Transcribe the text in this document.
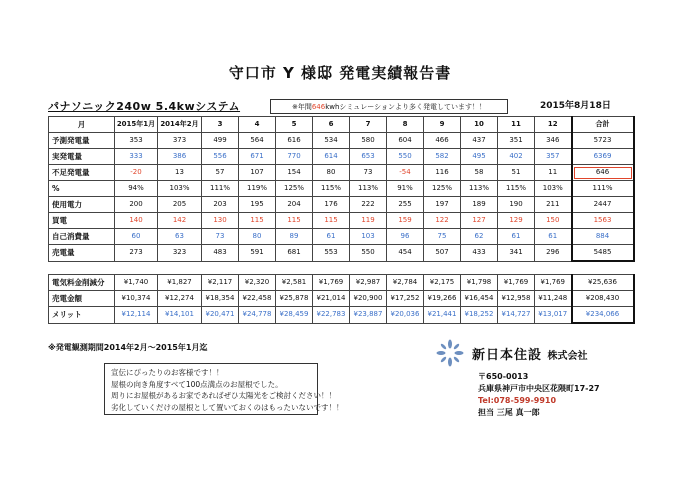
守口市 Y 様邸 発電実績報告書
パナソニック240w 5.4kwシステム	※年間 646 kwhシミュレーションより多く発電しています！！	2015年8月18日
月	2015年1月	2014年2月	3	4	5	6	7	8	9	10	11	12	合計
予測発電量	353	373	499	564	616	534	580	604	466	437	351	346	5723
実発電量	333	386	556	671	770	614	653	550	582	495	402	357	6369
不足発電量	-20	13	57	107	154	80	73	-54	116	58	51	11	646
%	94%	103%	111%	119%	125%	115%	113%	91%	125%	113%	115%	103%	111%
使用電力	200	205	203	195	204	176	222	255	197	189	190	211	2447
買電	140	142	130	115	115	115	119	159	122	127	129	150	1563
自己消費量	60	63	73	80	89	61	103	96	75	62	61	61	884
売電量	273	323	483	591	681	553	550	454	507	433	341	296	5485
電気料金削減分	¥1,740	¥1,827	¥2,117	¥2,320	¥2,581	¥1,769	¥2,987	¥2,784	¥2,175	¥1,798	¥1,769	¥1,769	¥25,636
売電金額	¥10,374	¥12,274	¥18,354	¥22,458	¥25,878	¥21,014	¥20,900	¥17,252	¥19,266	¥16,454	¥12,958	¥11,248	¥208,430
メリット	¥12,114	¥14,101	¥20,471	¥24,778	¥28,459	¥22,783	¥23,887	¥20,036	¥21,441	¥18,252	¥14,727	¥13,017	¥234,066
※発電観測期間2014年2月～2015年1月迄
宣伝にぴったりのお客様です！！
屋根の向き角度すべて100点満点のお屋根でした。
周りにお屋根があるお家であればぜひ太陽光をご検討ください！！
劣化していくだけの屋根として置いておくのはもったいないです！！
新日本住設 株式会社
〒650-0013
兵庫県神戸市中央区花隈町17-27
Tel:078-599-9910
担当 三尾 真一郎
